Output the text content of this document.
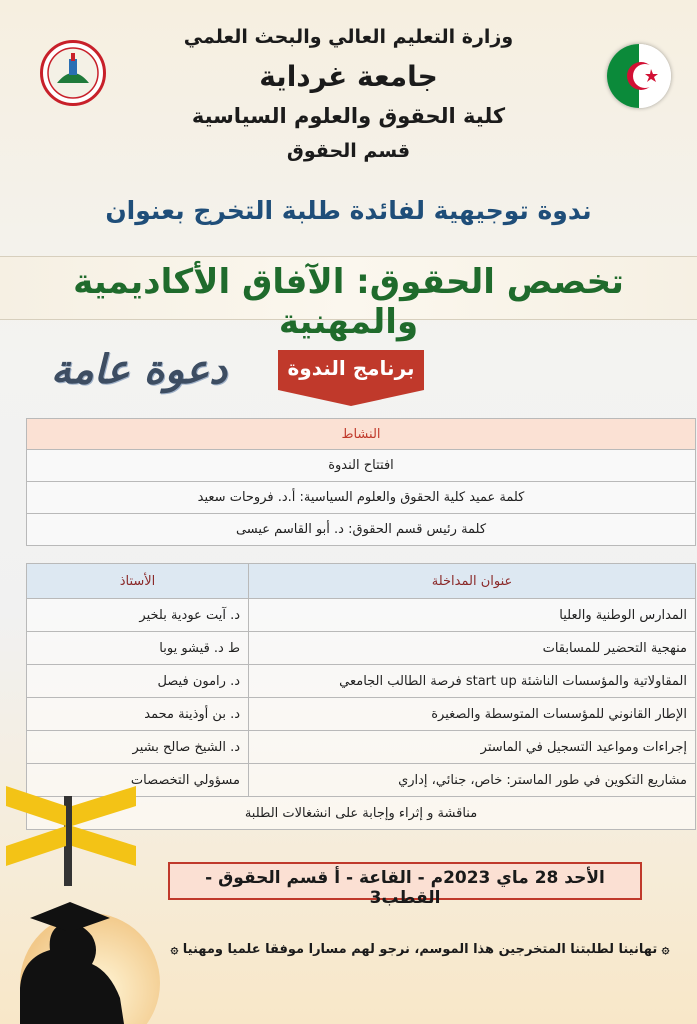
وزارة التعليم العالي والبحث العلمي
جامعة غرداية
كلية الحقوق والعلوم السياسية
قسم الحقوق
ندوة توجيهية لفائدة طلبة التخرج بعنوان
تخصص الحقوق: الآفاق الأكاديمية والمهنية
دعوة عامة	برنامج الندوة
النشاط
افتتاح الندوة
كلمة عميد كلية الحقوق والعلوم السياسية: أ.د. فروحات سعيد
كلمة رئيس قسم الحقوق: د. أبو القاسم عيسى
عنوان المداخلة	الأستاذ
المدارس الوطنية والعليا	د. آيت عودية بلخير
منهجية التحضير للمسابقات	ط د. قيشو يوبا
المقاولاتية والمؤسسات الناشئة start up فرصة الطالب الجامعي	د. رامون فيصل
الإطار القانوني للمؤسسات المتوسطة والصغيرة	د. بن أوذينة محمد
إجراءات ومواعيد التسجيل في الماستر	د. الشيخ صالح بشير
مشاريع التكوين في طور الماستر: خاص، جنائي، إداري	مسؤولي التخصصات
مناقشة و إثراء وإجابة على انشغالات الطلبة	
الأحد 28 ماي 2023م - القاعة - أ قسم الحقوق - القطب3
۞ تهانينا لطلبتنا المتخرجين هذا الموسم، نرجو لهم مسارا موفقا علميا ومهنيا ۞
